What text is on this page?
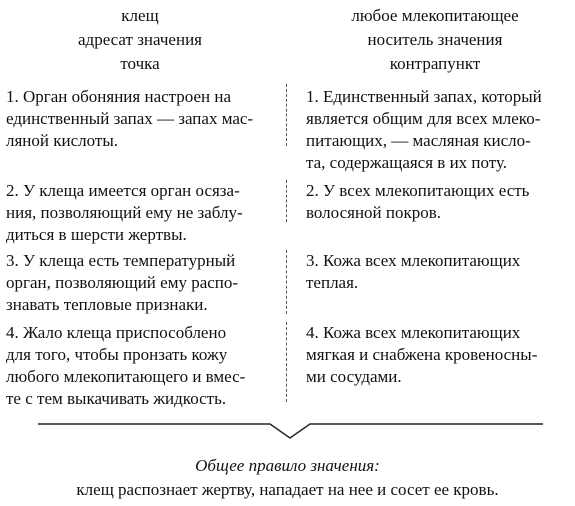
клещ
адресат значения
точка
любое млекопитающее
носитель значения
контрапункт
1. Орган обоняния настроен на
единственный запах — запах мас-
ляной кислоты.
1. Единственный запах, который
является общим для всех млеко-
питающих, — масляная кисло-
та, содержащаяся в их поту.
2. У клеща имеется орган осяза-
ния, позволяющий ему не заблу-
диться в шерсти жертвы.
2. У всех млекопитающих есть
волосяной покров.
3. У клеща есть температурный
орган, позволяющий ему распо-
знавать тепловые признаки.
3. Кожа всех млекопитающих
теплая.
4. Жало клеща приспособлено
для того, чтобы пронзать кожу
любого млекопитающего и вмес-
те с тем выкачивать жидкость.
4. Кожа всех млекопитающих
мягкая и снабжена кровеносны-
ми сосудами.
Общее правило значения:
клещ распознает жертву, нападает на нее и сосет ее кровь.
